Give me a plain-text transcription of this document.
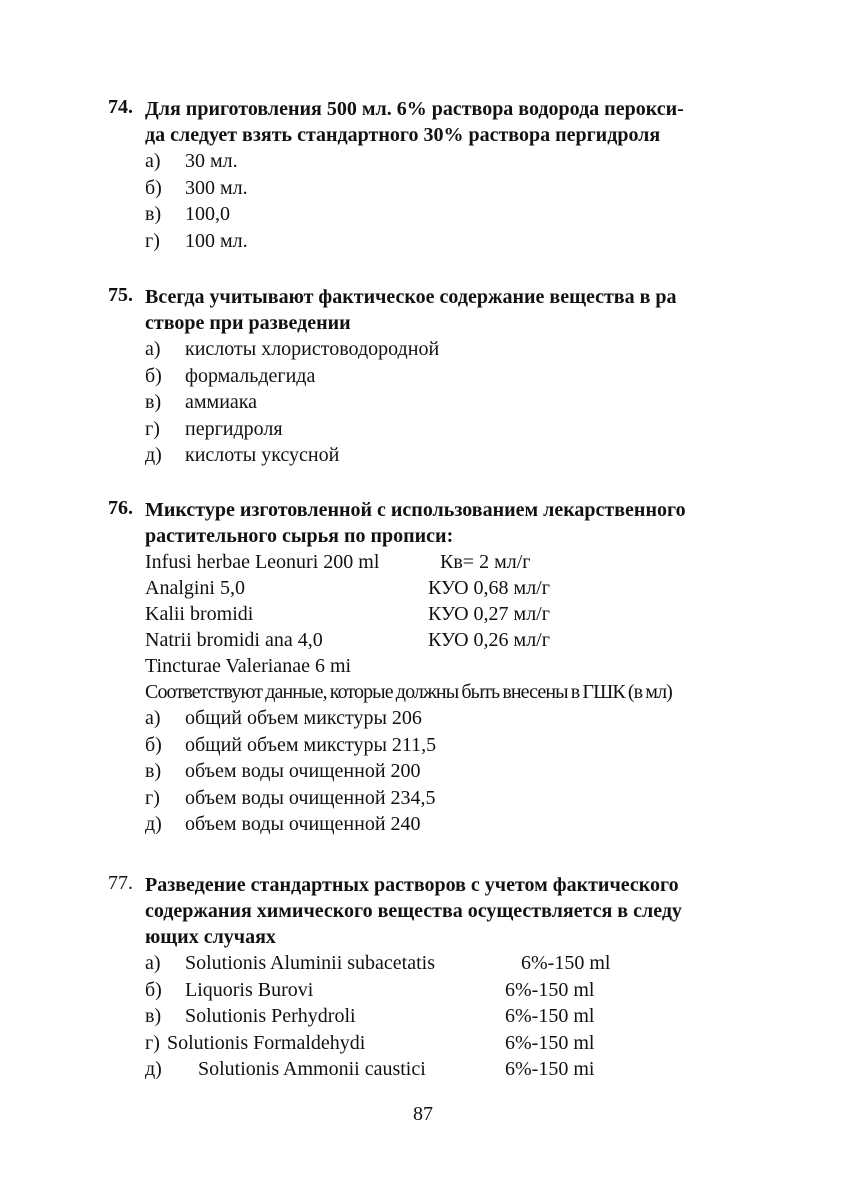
74. Для приготовления 500 мл. 6% раствора водорода перокси-
да следует взять стандартного 30% раствора пергидроля
а) 30 мл.
б) 300 мл.
в) 100,0
г) 100 мл.
75. Всегда учитывают фактическое содержание вещества в ра
створе при разведении
а) кислоты хлористоводородной
б) формальдегида
в) аммиака
г) пергидроля
д) кислоты уксусной
76. Микстуре изготовленной с использованием лекарственного
растительного сырья по прописи:
Infusi herbae Leonuri 200 ml	Кв= 2 мл/г
Analgini 5,0	КУО 0,68 мл/г
Kalii bromidi	КУО 0,27 мл/г
Natrii bromidi ana 4,0	КУО 0,26 мл/г
Tincturae Valerianae 6 mi
Соответствуют данные, которые должны быть внесены в ГШК (в мл)
а) общий объем микстуры 206
б) общий объем микстуры 211,5
в) объем воды очищенной 200
г) объем воды очищенной 234,5
д) объем воды очищенной 240
77. Разведение стандартных растворов с учетом фактического
содержания химического вещества осуществляется в следу
ющих случаях
а) Solutionis Aluminii subacetatis	6%-150 ml
б) Liquoris Burovi	6%-150 ml
в) Solutionis Perhydroli	6%-150 ml
г) Solutionis Formaldehydi	6%-150 ml
д) Solutionis Ammonii caustici	6%-150 mi
87
